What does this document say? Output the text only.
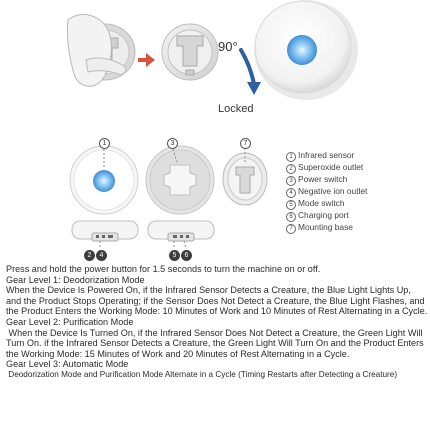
90°
Locked
1	3	7
2	4	5	6
1 Infrared sensor
2 Superoxide outlet
3 Power switch
4 Negative ion outlet
5 Mode switch
6 Charging port
7 Mounting base
Press and hold the power button for 1.5 seconds to turn the machine on or off.
Gear Level 1: Deodorization Mode
When the Device Is Powered On, if the Infrared Sensor Detects a Creature, the Blue Light Lights Up, and the Product Stops Operating; if the Sensor Does Not Detect a Creature, the Blue Light Flashes, and the Product Enters the Working Mode: 10 Minutes of Work and 10 Minutes of Rest Alternating in a Cycle.
Gear Level 2: Purification Mode
When the Device Is Turned On, if the Infrared Sensor Does Not Detect a Creature, the Green Light Will Turn On. if the Infrared Sensor Detects a Creature, the Green Light Will Turn On and the Product Enters the Working Mode: 15 Minutes of Work and 20 Minutes of Rest Alternating in a Cycle.
Gear Level 3: Automatic Mode
Deodorization Mode and Purification Mode Alternate in a Cycle (Timing Restarts after Detecting a Creature)
